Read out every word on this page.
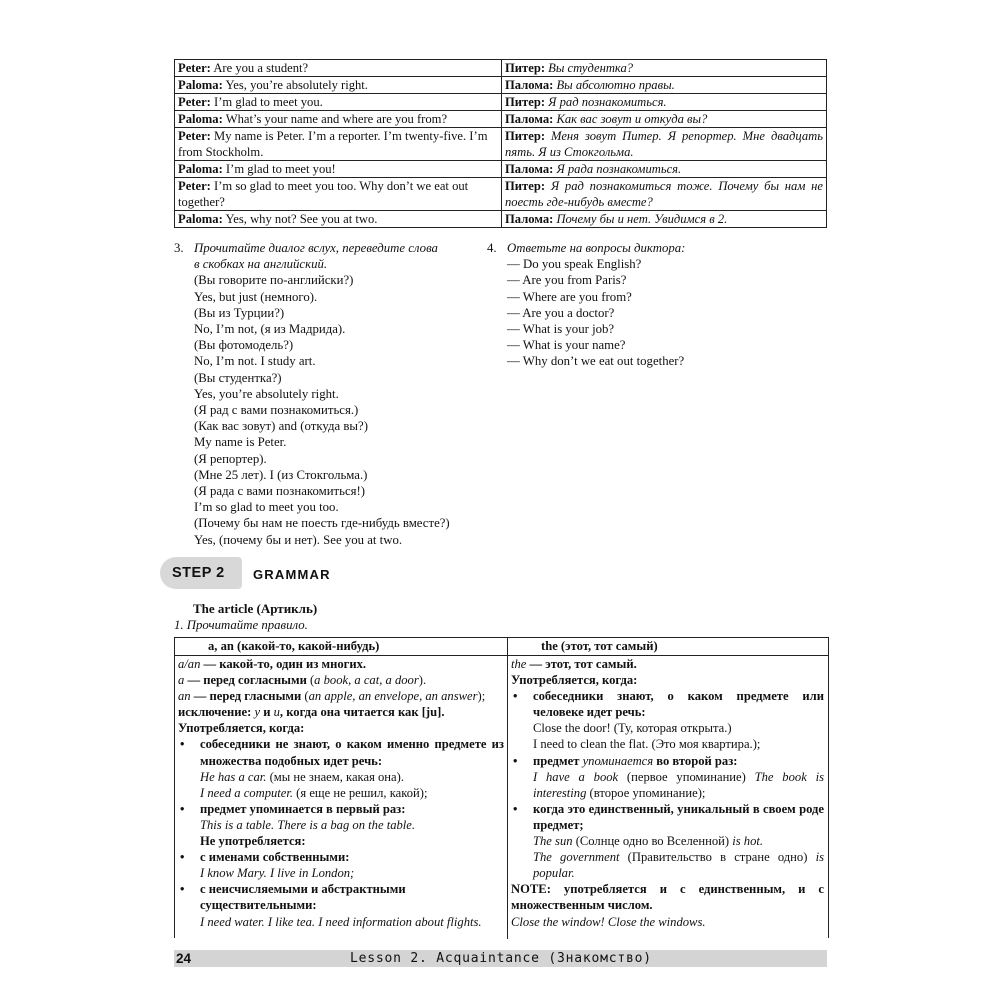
Peter: Are you a student?	Питер: Вы студентка?
Paloma: Yes, you’re absolutely right.	Палома: Вы абсолютно правы.
Peter: I’m glad to meet you.	Питер: Я рад познакомиться.
Paloma: What’s your name and where are you from?	Палома: Как вас зовут и откуда вы?
Peter: My name is Peter. I’m a reporter. I’m twenty-five. I’m from Stockholm.	Питер: Меня зовут Питер. Я репортер. Мне двадцать пять. Я из Стокгольма.
Paloma: I’m glad to meet you!	Палома: Я рада познакомиться.
Peter: I’m so glad to meet you too. Why don’t we eat out together?	Питер: Я рад познакомиться тоже. Почему бы нам не поесть где-нибудь вместе?
Paloma: Yes, why not? See you at two.	Палома: Почему бы и нет. Увидимся в 2.
3. Прочитайте диалог вслух, переведите слова
в скобках на английский.
(Вы говорите по-английски?)
Yes, but just (немного).
(Вы из Турции?)
No, I’m not, (я из Мадрида).
(Вы фотомодель?)
No, I’m not. I study art.
(Вы студентка?)
Yes, you’re absolutely right.
(Я рад с вами познакомиться.)
(Как вас зовут) and (откуда вы?)
My name is Peter.
(Я репортер).
(Мне 25 лет). I (из Стокгольма.)
(Я рада с вами познакомиться!)
I’m so glad to meet you too.
(Почему бы нам не поесть где-нибудь вместе?)
Yes, (почему бы и нет). See you at two.
4. Ответьте на вопросы диктора:
— Do you speak English?
— Are you from Paris?
— Where are you from?
— Are you a doctor?
— What is your job?
— What is your name?
— Why don’t we eat out together?
STEP 2 GRAMMAR
The article (Артикль)
1. Прочитайте правило.
a, an (какой-то, какой-нибудь)	the (этот, тот самый)
a/an — какой-то, один из многих.
a — перед согласными (a book, a cat, a door).
an — перед гласными (an apple, an envelope, an answer);
исключение: y и u, когда она читается как [ju].
Употребляется, когда:
• собеседники не знают, о каком именно предмете из множества подобных идет речь:
He has a car. (мы не знаем, какая она).
I need a computer. (я еще не решил, какой);
• предмет упоминается в первый раз:
This is a table. There is a bag on the table.
Не употребляется:
• с именами собственными:
I know Mary. I live in London;
• с неисчисляемыми и абстрактными существительными:
I need water. I like tea. I need information about flights.
the — этот, тот самый.
Употребляется, когда:
• собеседники знают, о каком предмете или человеке идет речь:
Close the door! (Ту, которая открыта.)
I need to clean the flat. (Это моя квартира.);
• предмет упоминается во второй раз:
I have a book (первое упоминание) The book is interesting (второе упоминание);
• когда это единственный, уникальный в своем роде предмет;
The sun (Солнце одно во Вселенной) is hot.
The government (Правительство в стране одно) is popular.
NOTE: употребляется и с единственным, и с множественным числом.
Close the window! Close the windows.
24	Lesson 2. Acquaintance (Знакомство)
